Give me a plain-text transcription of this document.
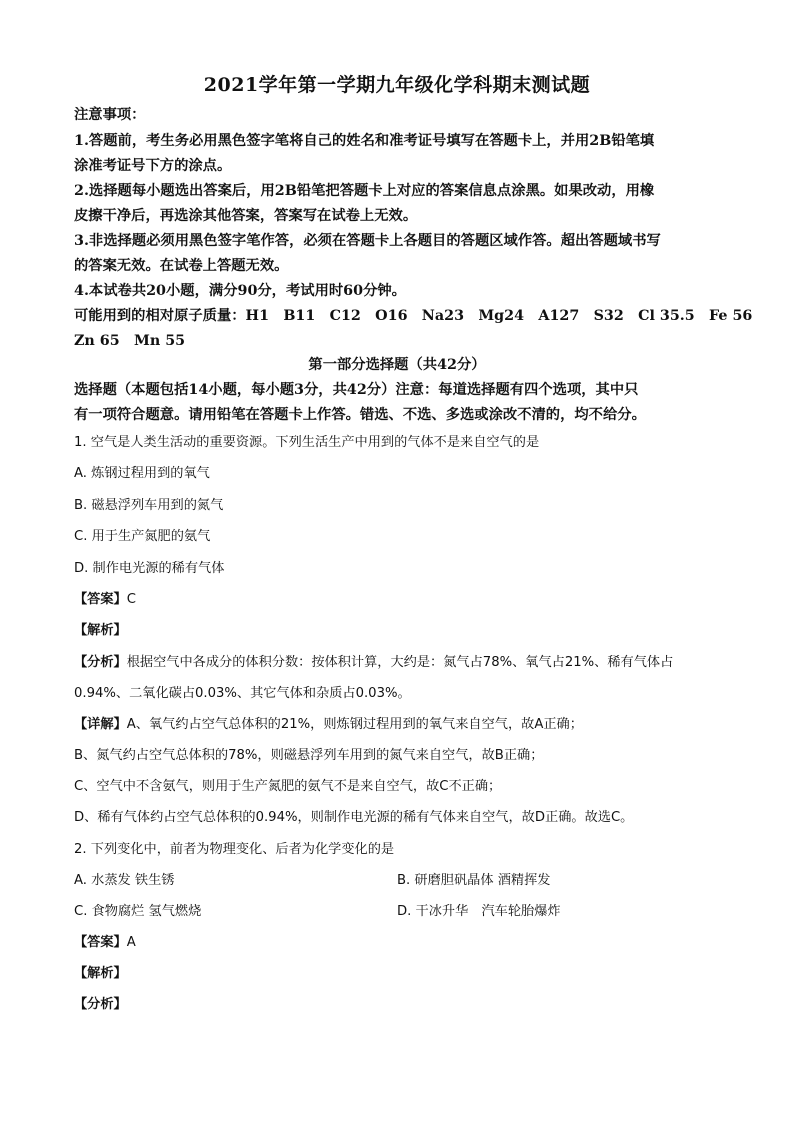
2021学年第一学期九年级化学科期末测试题
注意事项：
1.答题前，考生务必用黑色签字笔将自己的姓名和准考证号填写在答题卡上，并用2B铅笔填
涂准考证号下方的涂点。
2.选择题每小题选出答案后，用2B铅笔把答题卡上对应的答案信息点涂黑。如果改动，用橡
皮擦干净后，再选涂其他答案，答案写在试卷上无效。
3.非选择题必须用黑色签字笔作答，必须在答题卡上各题目的答题区域作答。超出答题域书写
的答案无效。在试卷上答题无效。
4.本试卷共20小题，满分90分，考试用时60分钟。
可能用到的相对原子质量：H1　B11　C12　O16　Na23　Mg24　A127　S32　Cl 35.5　Fe 56
Zn 65　Mn 55
第一部分选择题（共42分）
选择题（本题包括14小题，每小题3分，共42分）注意：每道选择题有四个选项，其中只
有一项符合题意。请用铅笔在答题卡上作答。错选、不选、多选或涂改不清的，均不给分。
1. 空气是人类生活动的重要资源。下列生活生产中用到的气体不是来自空气的是
A. 炼钢过程用到的氧气
B. 磁悬浮列车用到的氮气
C. 用于生产氮肥的氨气
D. 制作电光源的稀有气体
【答案】C
【解析】
【分析】根据空气中各成分的体积分数：按体积计算，大约是：氮气占78%、氧气占21%、稀有气体占
0.94%、二氧化碳占0.03%、其它气体和杂质占0.03%。
【详解】A、氧气约占空气总体积的21%，则炼钢过程用到的氧气来自空气，故A正确；
B、氮气约占空气总体积的78%，则磁悬浮列车用到的氮气来自空气，故B正确；
C、空气中不含氨气，则用于生产氮肥的氨气不是来自空气，故C不正确；
D、稀有气体约占空气总体积的0.94%，则制作电光源的稀有气体来自空气，故D正确。故选C。
2. 下列变化中，前者为物理变化、后者为化学变化的是
A. 水蒸发 铁生锈	B. 研磨胆矾晶体 酒精挥发
C. 食物腐烂 氢气燃烧	D. 干冰升华　汽车轮胎爆炸
【答案】A
【解析】
【分析】
